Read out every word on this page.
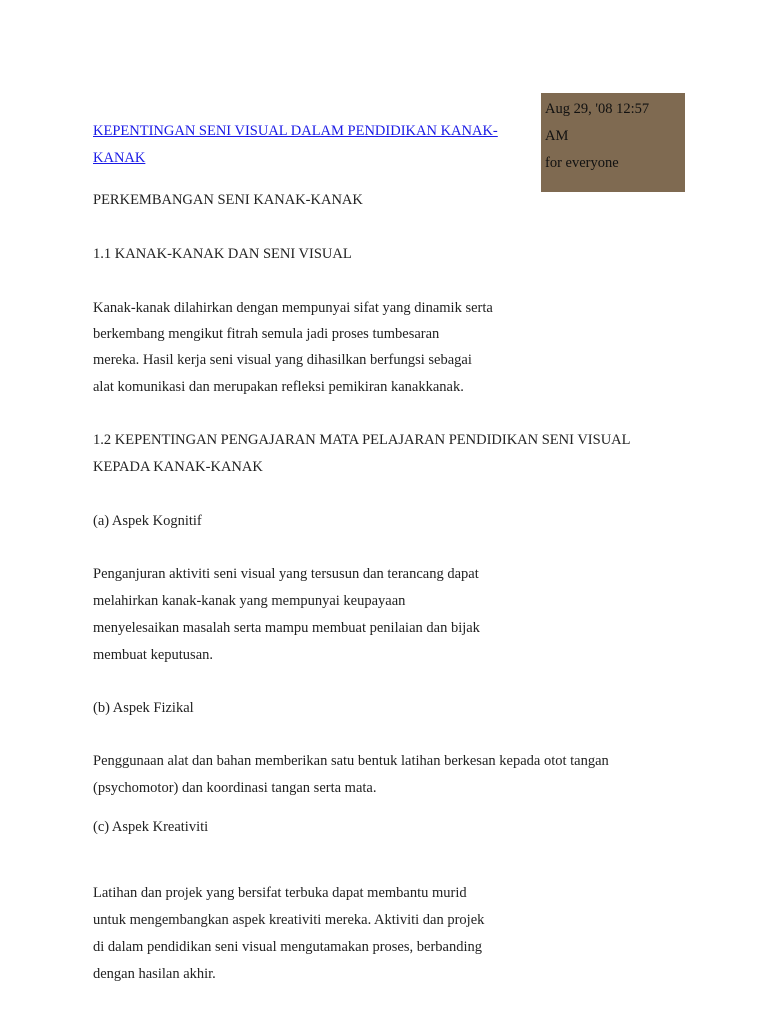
Aug 29, '08 12:57
AM
for everyone
KEPENTINGAN SENI VISUAL DALAM PENDIDIKAN KANAK-
KANAK
PERKEMBANGAN SENI KANAK-KANAK
1.1 KANAK-KANAK DAN SENI VISUAL
Kanak-kanak dilahirkan dengan mempunyai sifat yang dinamik serta
berkembang mengikut fitrah semula jadi proses tumbesaran
mereka. Hasil kerja seni visual yang dihasilkan berfungsi sebagai
alat komunikasi dan merupakan refleksi pemikiran kanakkanak.
1.2 KEPENTINGAN PENGAJARAN MATA PELAJARAN PENDIDIKAN SENI VISUAL
KEPADA KANAK-KANAK
(a) Aspek Kognitif
Penganjuran aktiviti seni visual yang tersusun dan terancang dapat
melahirkan kanak-kanak yang mempunyai keupayaan
menyelesaikan masalah serta mampu membuat penilaian dan bijak
membuat keputusan.
(b) Aspek Fizikal
Penggunaan alat dan bahan memberikan satu bentuk latihan berkesan kepada otot tangan
(psychomotor) dan koordinasi tangan serta mata.
(c) Aspek Kreativiti
Latihan dan projek yang bersifat terbuka dapat membantu murid
untuk mengembangkan aspek kreativiti mereka. Aktiviti dan projek
di dalam pendidikan seni visual mengutamakan proses, berbanding
dengan hasilan akhir.
